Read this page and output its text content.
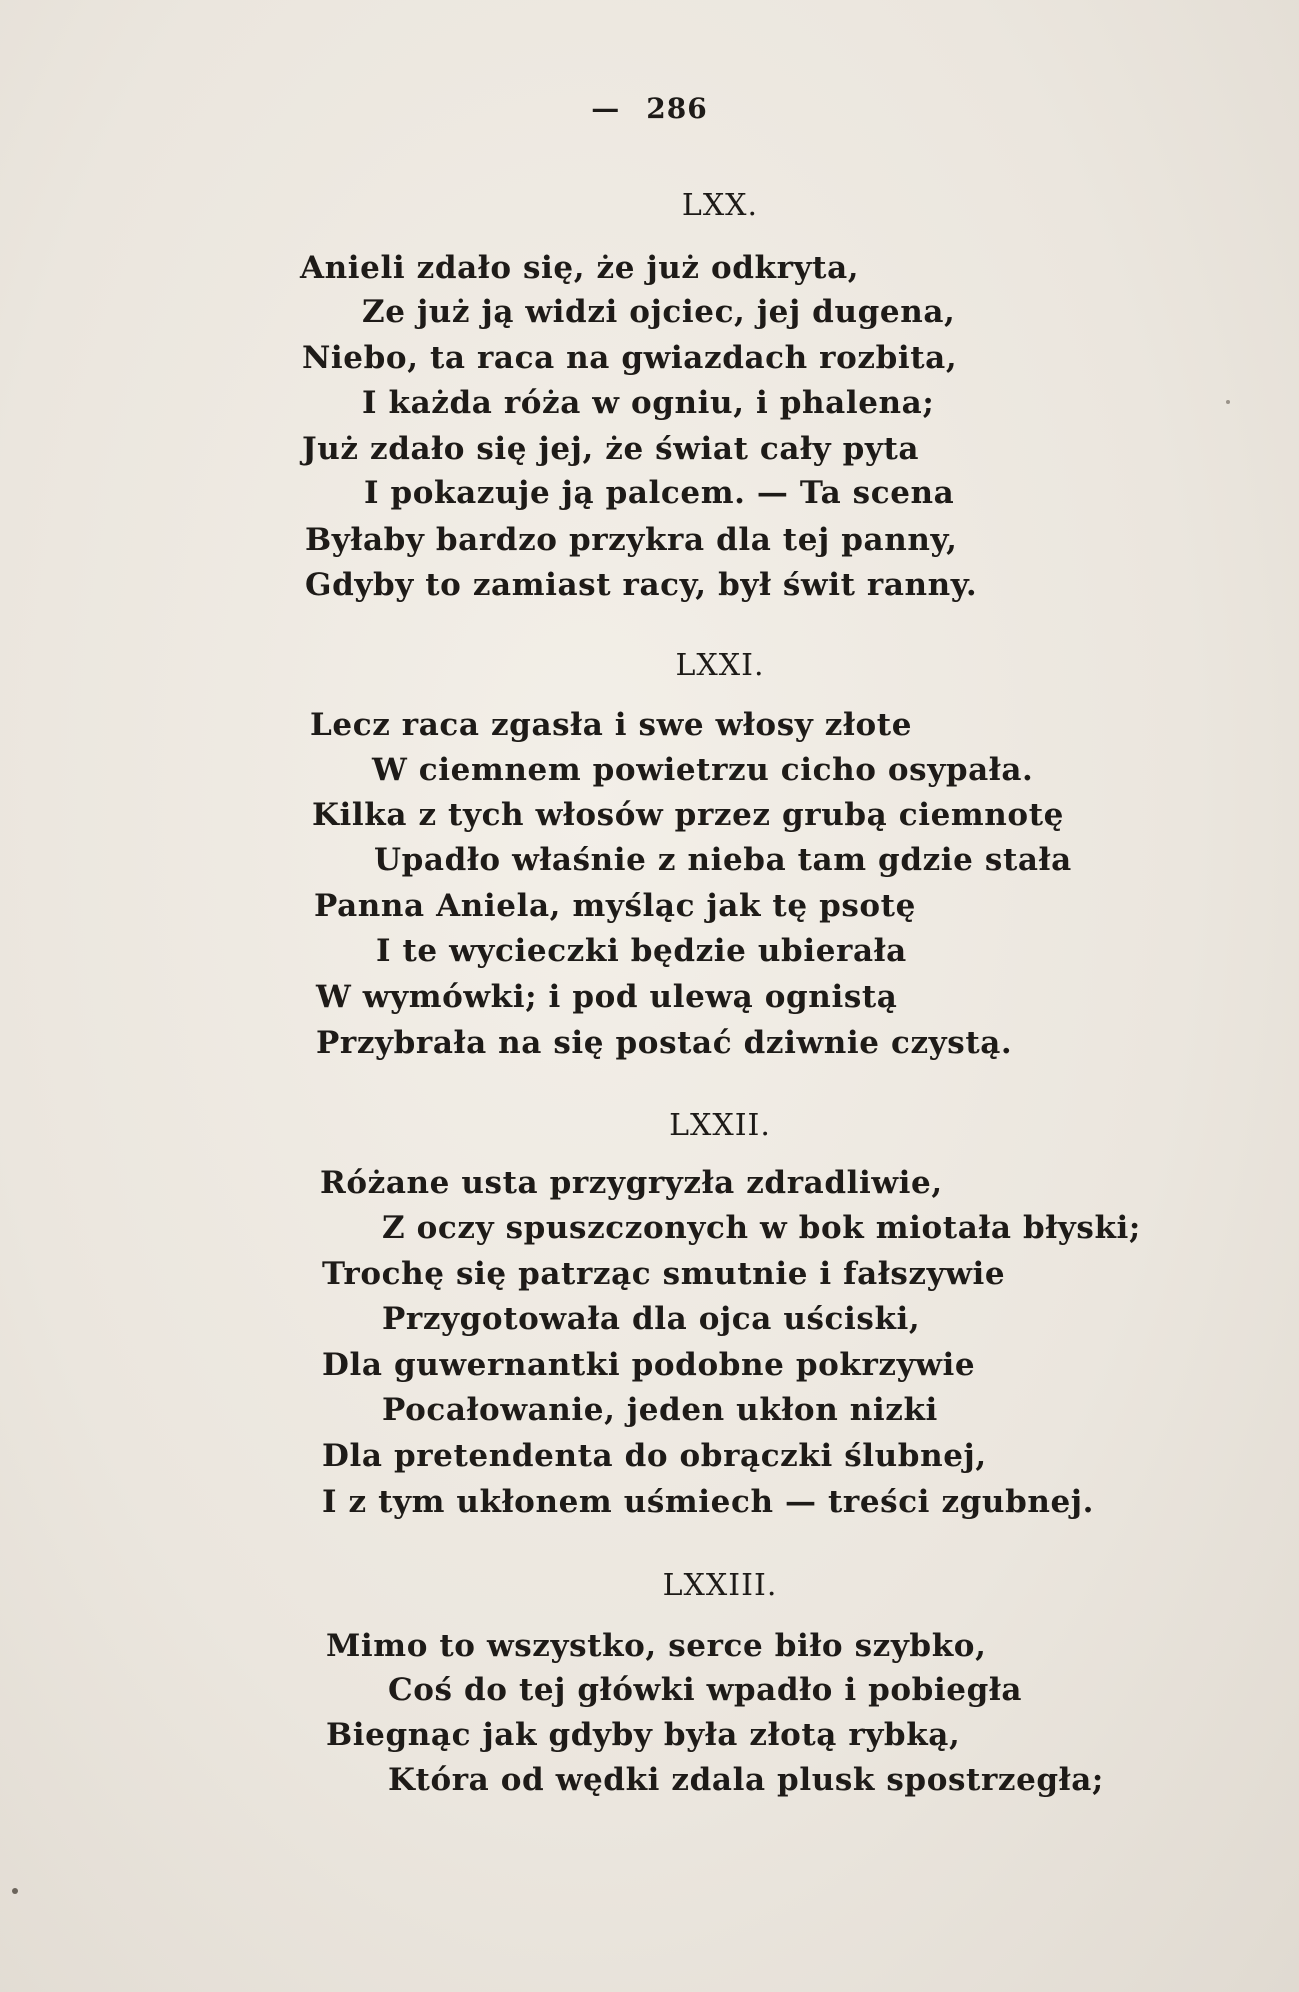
— 286
LXX.
Anieli zdało się, że już odkryta,
Ze już ją widzi ojciec, jej dugena,
Niebo, ta raca na gwiazdach rozbita,
I każda róża w ogniu, i phalena;
Już zdało się jej, że świat cały pyta
I pokazuje ją palcem. — Ta scena
Byłaby bardzo przykra dla tej panny,
Gdyby to zamiast racy, był świt ranny.
LXXI.
Lecz raca zgasła i swe włosy złote
W ciemnem powietrzu cicho osypała.
Kilka z tych włosów przez grubą ciemnotę
Upadło właśnie z nieba tam gdzie stała
Panna Aniela, myśląc jak tę psotę
I te wycieczki będzie ubierała
W wymówki; i pod ulewą ognistą
Przybrała na się postać dziwnie czystą.
LXXII.
Różane usta przygryzła zdradliwie,
Z oczy spuszczonych w bok miotała błyski;
Trochę się patrząc smutnie i fałszywie
Przygotowała dla ojca uściski,
Dla guwernantki podobne pokrzywie
Pocałowanie, jeden ukłon nizki
Dla pretendenta do obrączki ślubnej,
I z tym ukłonem uśmiech — treści zgubnej.
LXXIII.
Mimo to wszystko, serce biło szybko,
Coś do tej główki wpadło i pobiegła
Biegnąc jak gdyby była złotą rybką,
Która od wędki zdala plusk spostrzegła;
